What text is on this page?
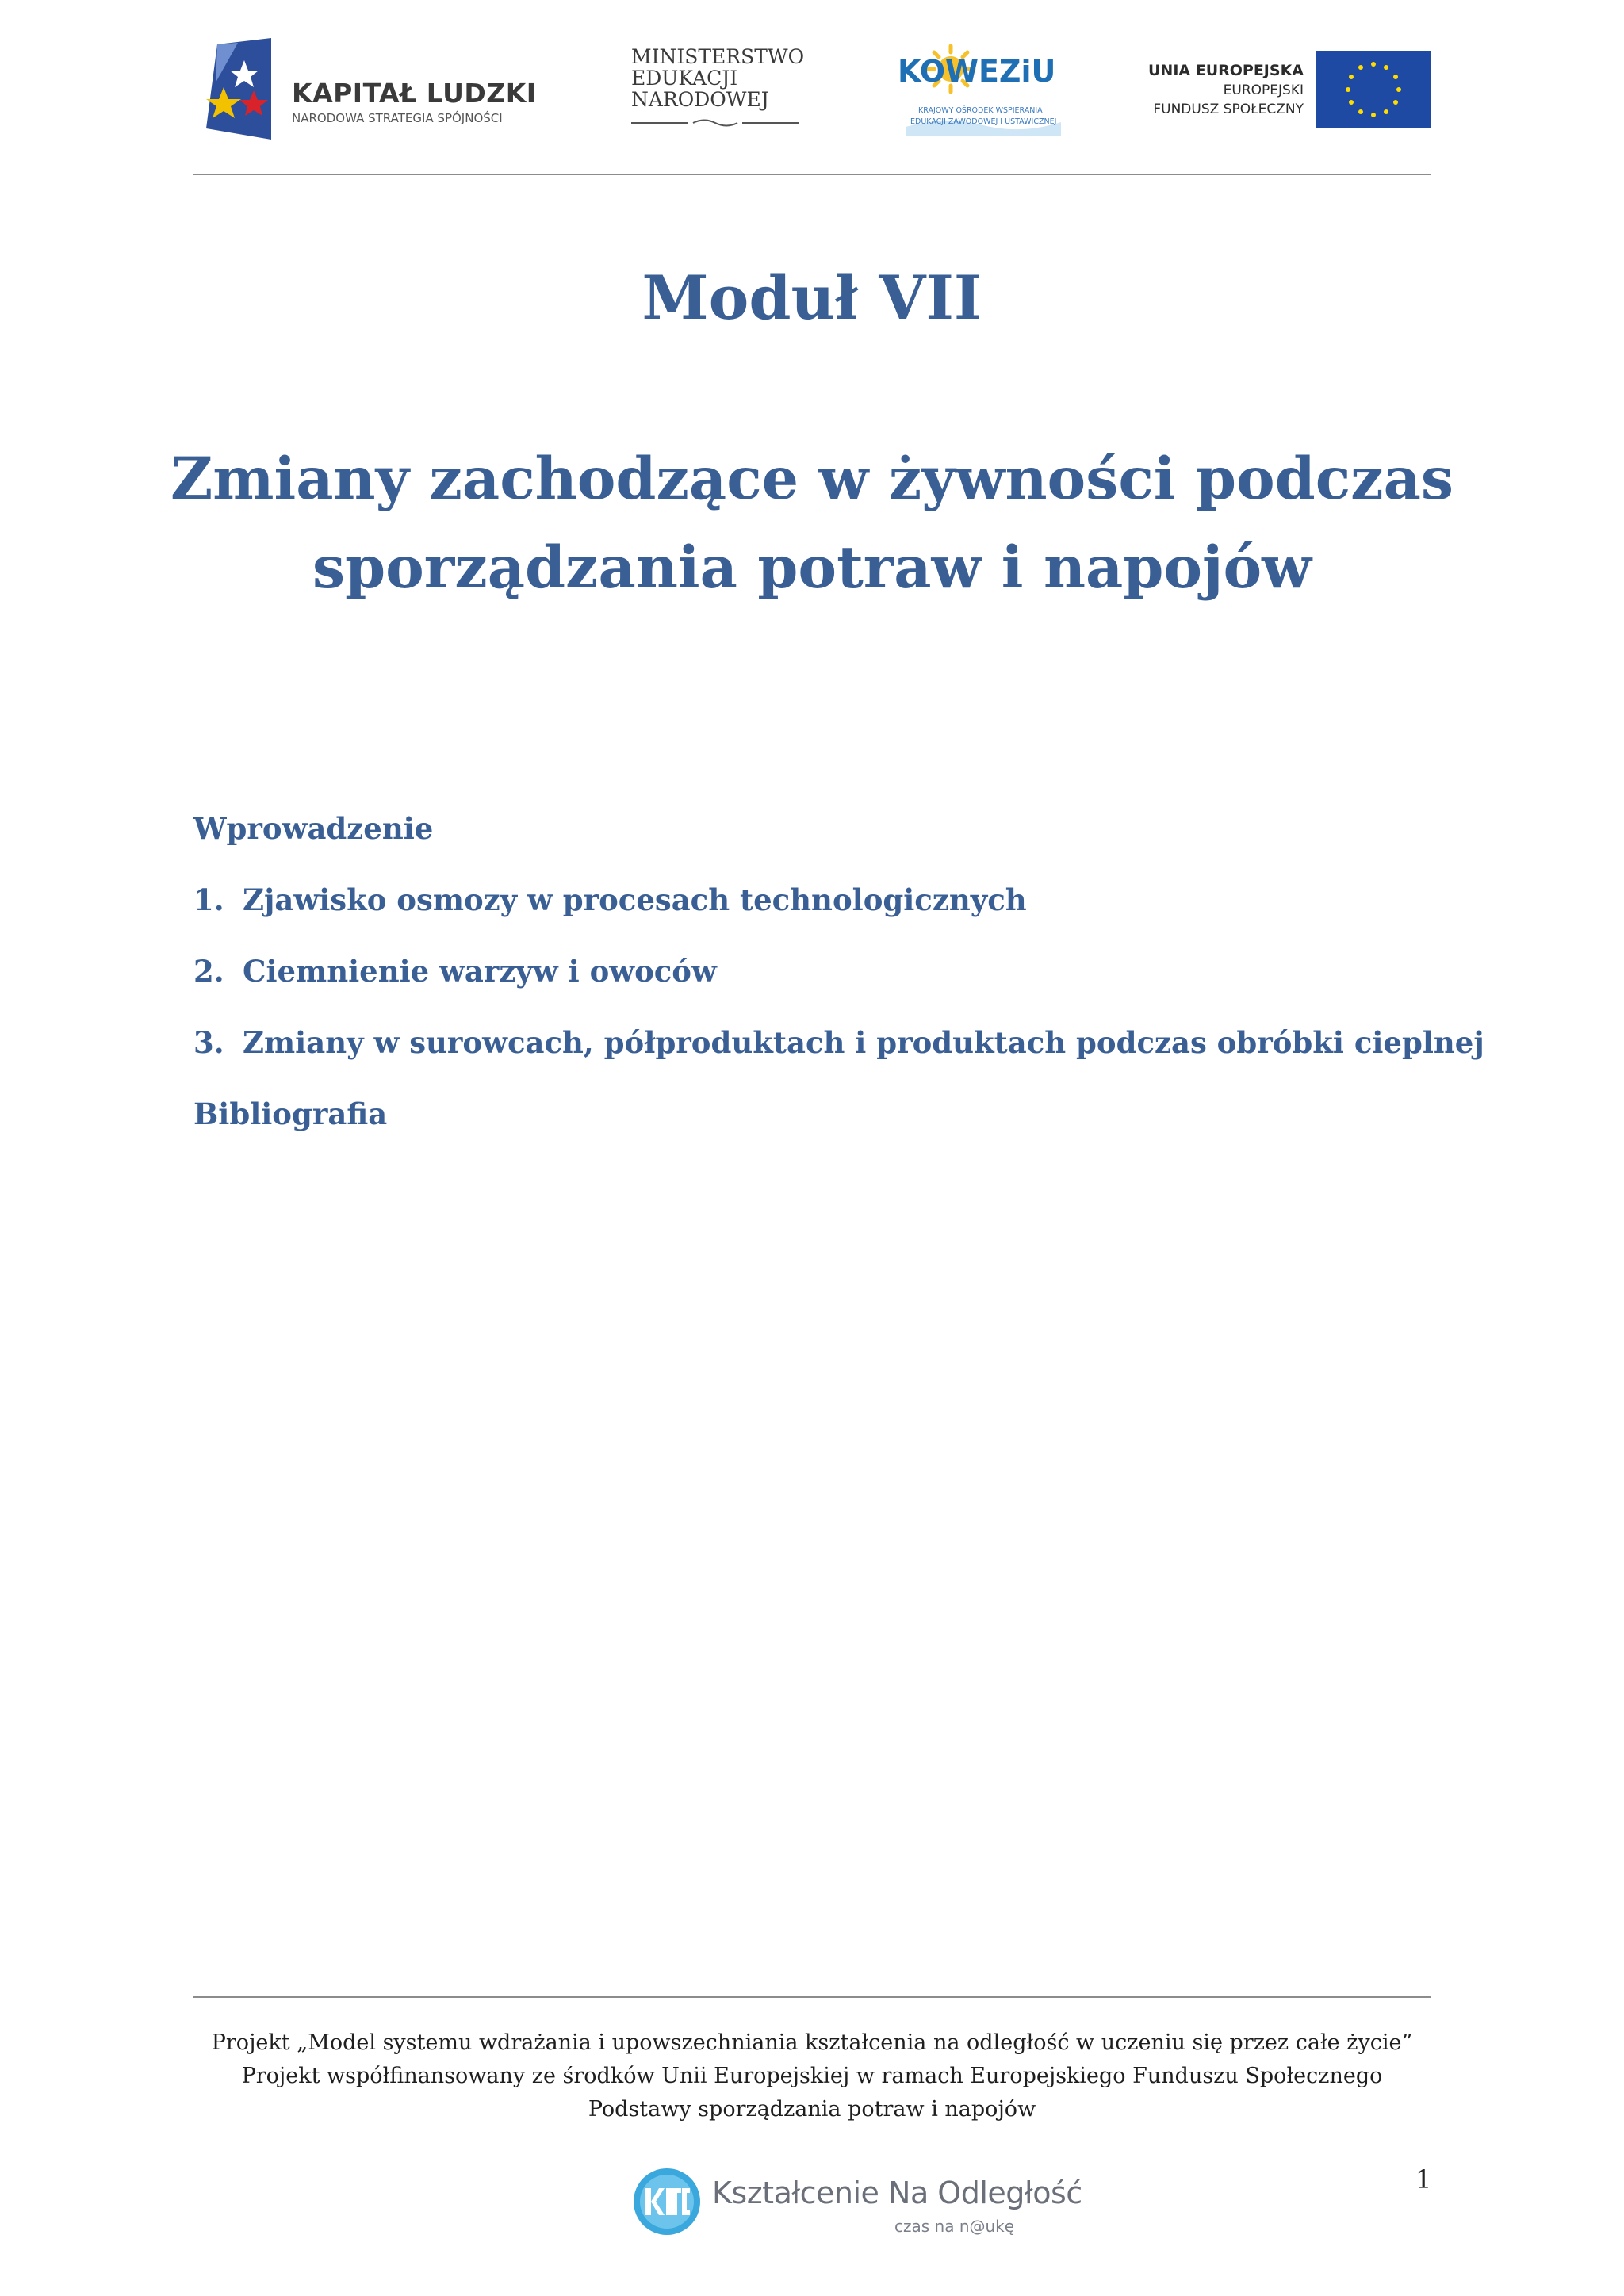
KAPITAŁ LUDZKI
NARODOWA STRATEGIA SPÓJNOŚCI
MINISTERSTWO
EDUKACJI
NARODOWEJ
KOWEZiU
KRAJOWY OŚRODEK WSPIERANIA
EDUKACJI ZAWODOWEJ I USTAWICZNEJ
UNIA EUROPEJSKA
EUROPEJSKI
FUNDUSZ SPOŁECZNY
Moduł VII
Zmiany zachodzące w żywności podczas
sporządzania potraw i napojów
Wprowadzenie
1. Zjawisko osmozy w procesach technologicznych
2. Ciemnienie warzyw i owoców
3. Zmiany w surowcach, półproduktach i produktach podczas obróbki cieplnej
Bibliografia
Projekt „Model systemu wdrażania i upowszechniania kształcenia na odległość w uczeniu się przez całe życie”
Projekt współfinansowany ze środków Unii Europejskiej w ramach Europejskiego Funduszu Społecznego
Podstawy sporządzania potraw i napojów
Kształcenie Na Odległość
czas na n@ukę
1
